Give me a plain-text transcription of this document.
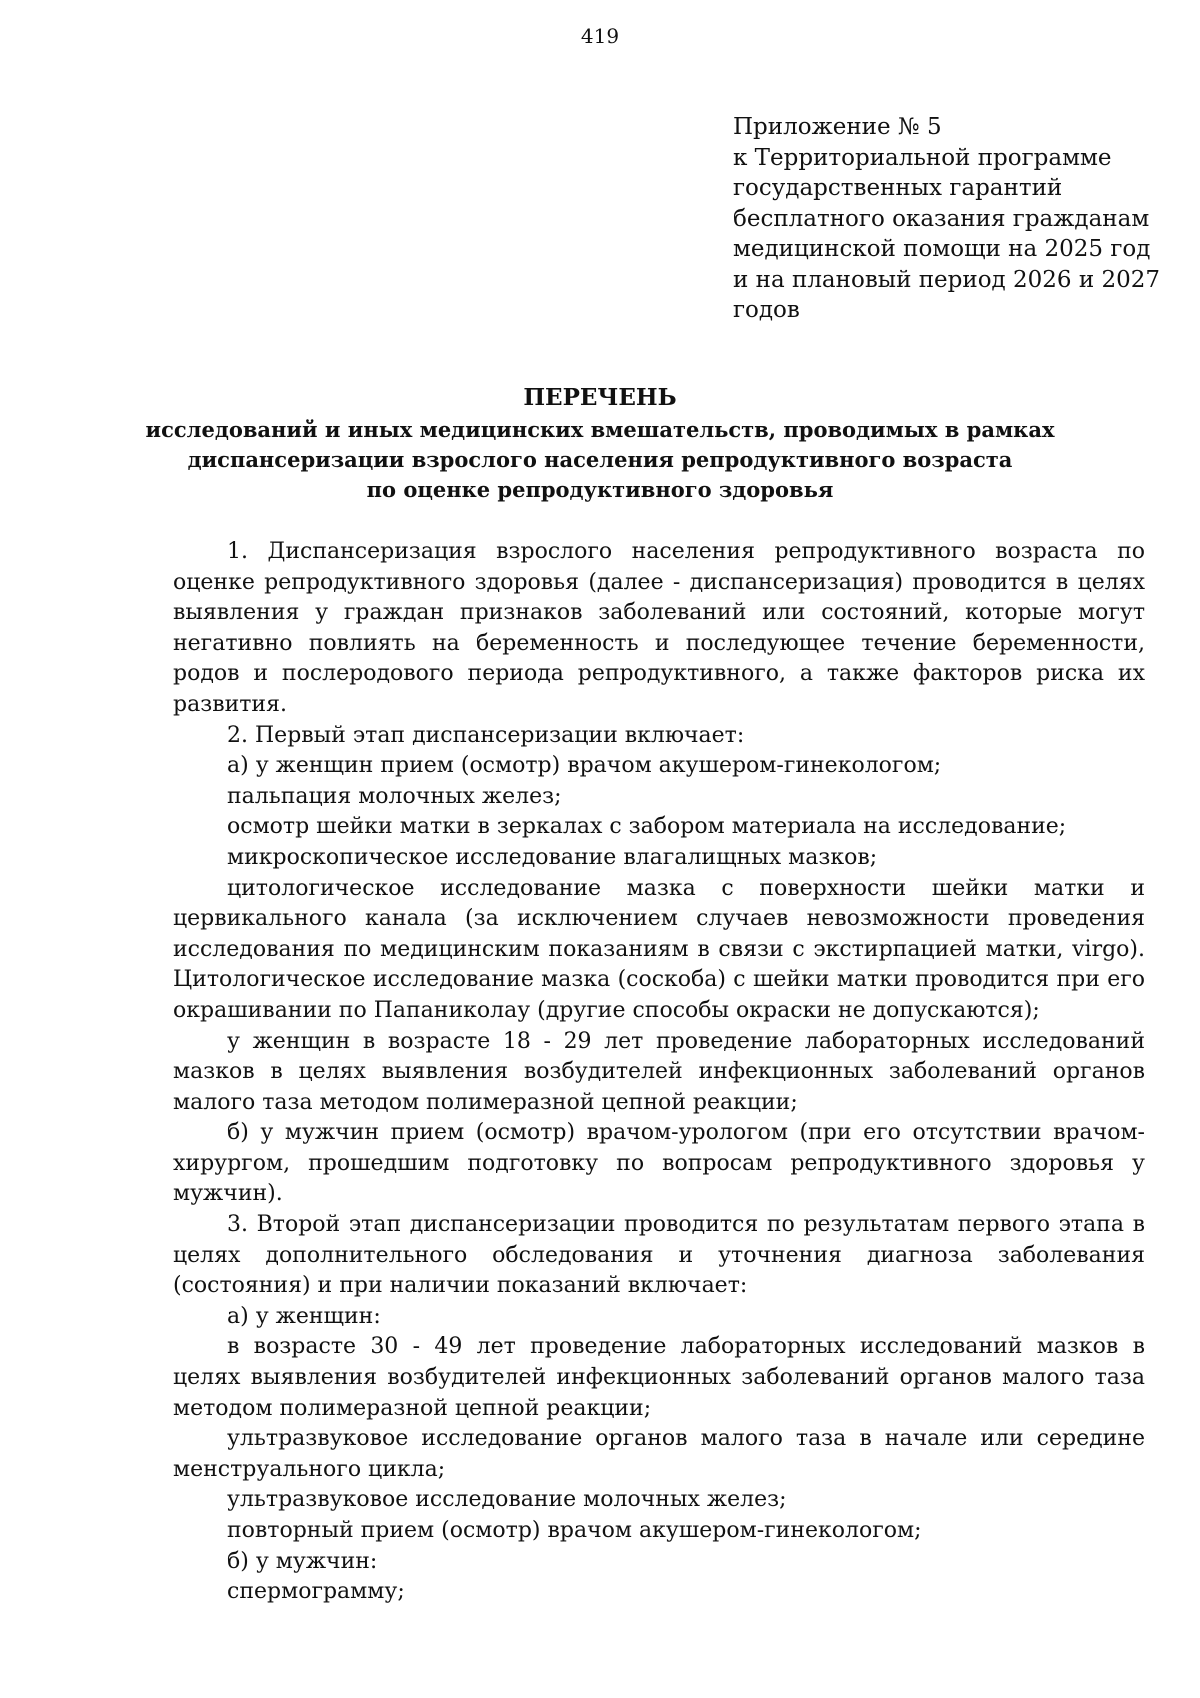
419
Приложение № 5
к Территориальной программе
государственных гарантий
бесплатного оказания гражданам
медицинской помощи на 2025 год
и на плановый период 2026 и 2027
годов
ПЕРЕЧЕНЬ
исследований и иных медицинских вмешательств, проводимых в рамках
диспансеризации взрослого населения репродуктивного возраста
по оценке репродуктивного здоровья

1. Диспансеризация взрослого населения репродуктивного возраста по оценке репродуктивного здоровья (далее - диспансеризация) проводится в целях выявления у граждан признаков заболеваний или состояний, которые могут негативно повлиять на беременность и последующее течение беременности, родов и послеродового периода репродуктивного, а также факторов риска их развития.

2. Первый этап диспансеризации включает:

а) у женщин прием (осмотр) врачом акушером-гинекологом;

пальпация молочных желез;

осмотр шейки матки в зеркалах с забором материала на исследование;

микроскопическое исследование влагалищных мазков;

цитологическое исследование мазка с поверхности шейки матки и цервикального канала (за исключением случаев невозможности проведения исследования по медицинским показаниям в связи с экстирпацией матки, virgo). Цитологическое исследование мазка (соскоба) с шейки матки проводится при его окрашивании по Папаниколау (другие способы окраски не допускаются);

у женщин в возрасте 18 - 29 лет проведение лабораторных исследований мазков в целях выявления возбудителей инфекционных заболеваний органов малого таза методом полимеразной цепной реакции;

б) у мужчин прием (осмотр) врачом-урологом (при его отсутствии врачом-хирургом, прошедшим подготовку по вопросам репродуктивного здоровья у мужчин).

3. Второй этап диспансеризации проводится по результатам первого этапа в целях дополнительного обследования и уточнения диагноза заболевания (состояния) и при наличии показаний включает:

а) у женщин:

в возрасте 30 - 49 лет проведение лабораторных исследований мазков в целях выявления возбудителей инфекционных заболеваний органов малого таза методом полимеразной цепной реакции;

ультразвуковое исследование органов малого таза в начале или середине менструального цикла;

ультразвуковое исследование молочных желез;

повторный прием (осмотр) врачом акушером-гинекологом;

б) у мужчин:

спермограмму;
